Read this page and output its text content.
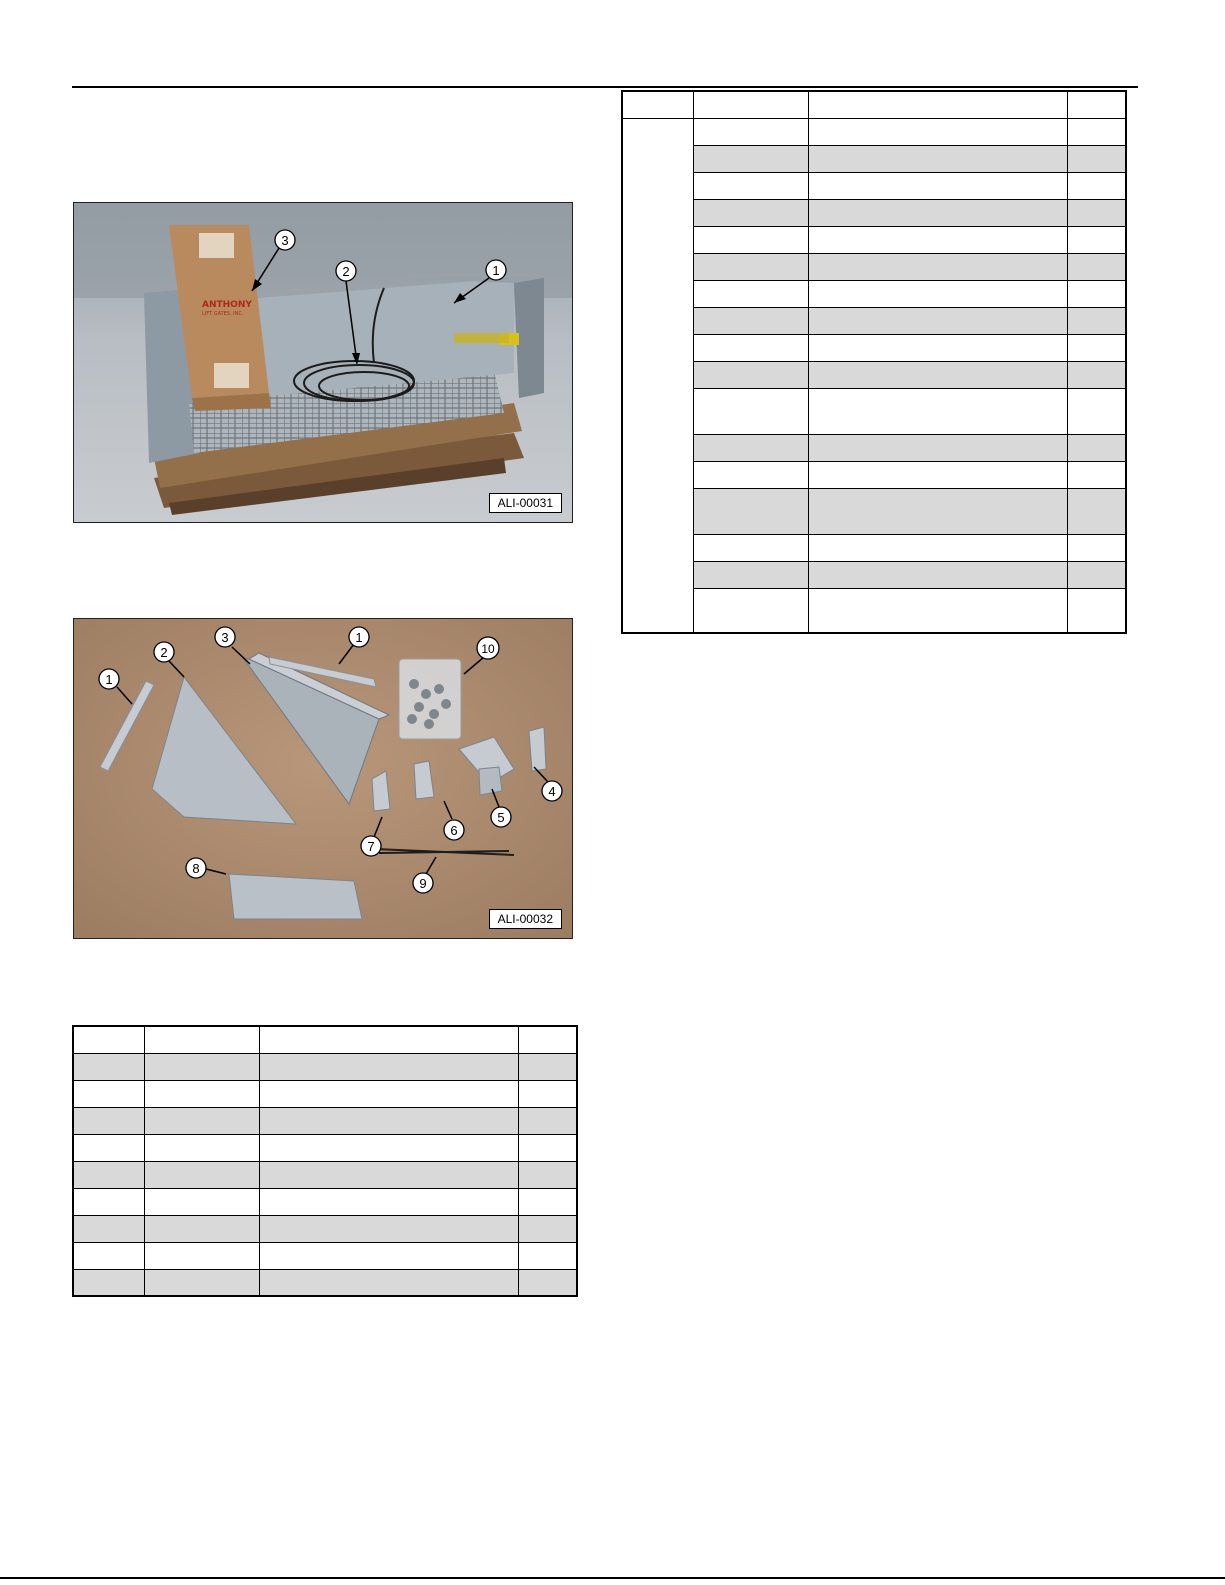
ANTHONY
LIFT GATES, INC.
1
2
3
ALI-00031
1
2
3	1
10
4
5
6
7
8
9
ALI-00032
